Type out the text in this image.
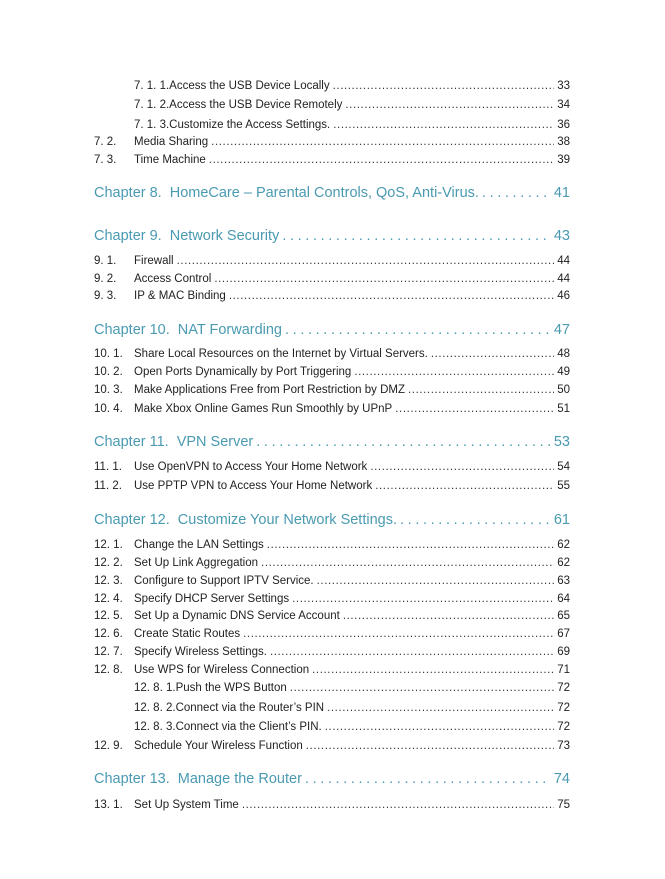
7. 1. 1. Access the USB Device Locally . . .	33
7. 1. 2. Access the USB Device Remotely . . .	34
7. 1. 3. Customize the Access Settings. . . .	36
7. 2.	Media Sharing . . .	38
7. 3.	Time Machine . . .	39
Chapter 8. HomeCare – Parental Controls, QoS, Anti-Virus. . . .	41
Chapter 9. Network Security . . .	43
9. 1.	Firewall . . .	44
9. 2.	Access Control . . .	44
9. 3.	IP & MAC Binding . . .	46
Chapter 10. NAT Forwarding . . .	47
10. 1. Share Local Resources on the Internet by Virtual Servers. . . .	48
10. 2. Open Ports Dynamically by Port Triggering . . .	49
10. 3. Make Applications Free from Port Restriction by DMZ . . .	50
10. 4. Make Xbox Online Games Run Smoothly by UPnP . . .	51
Chapter 11. VPN Server . . .	53
11. 1.	Use OpenVPN to Access Your Home Network . . .	54
11. 2.	Use PPTP VPN to Access Your Home Network . . .	55
Chapter 12. Customize Your Network Settings. . . .	61
12. 1. Change the LAN Settings . . .	62
12. 2. Set Up Link Aggregation . . .	62
12. 3. Configure to Support IPTV Service. . . .	63
12. 4. Specify DHCP Server Settings . . .	64
12. 5. Set Up a Dynamic DNS Service Account . . .	65
12. 6. Create Static Routes . . .	67
12. 7. Specify Wireless Settings. . . .	69
12. 8. Use WPS for Wireless Connection . . .	71
12. 8. 1. Push the WPS Button . . .	72
12. 8. 2. Connect via the Router’s PIN . . .	72
12. 8. 3. Connect via the Client’s PIN. . . .	72
12. 9. Schedule Your Wireless Function . . .	73
Chapter 13. Manage the Router . . .	74
13. 1. Set Up System Time . . .	75
